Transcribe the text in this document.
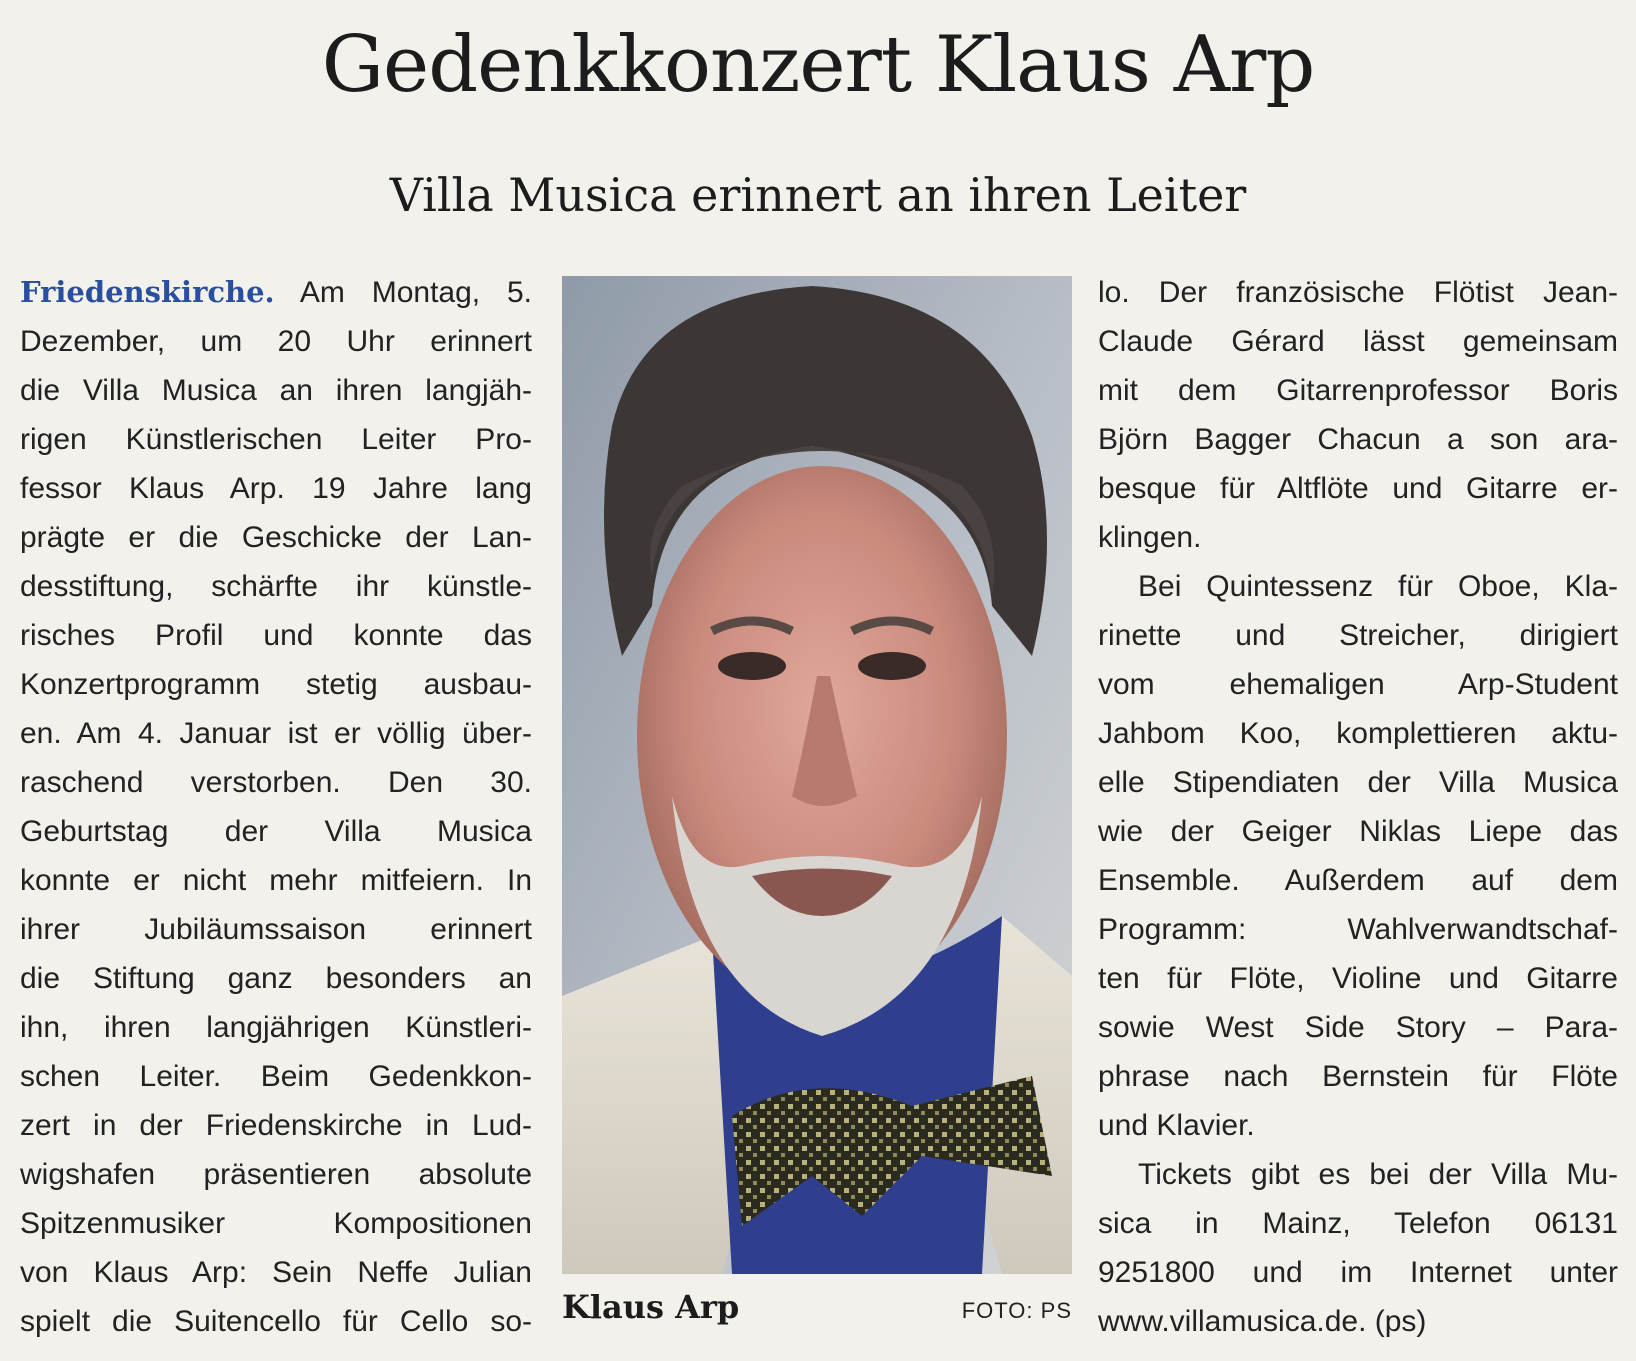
Gedenkkonzert Klaus Arp
Villa Musica erinnert an ihren Leiter
Friedenskirche. Am Montag, 5.
Dezember, um 20 Uhr erinnert
die Villa Musica an ihren langjäh-
rigen Künstlerischen Leiter Pro-
fessor Klaus Arp. 19 Jahre lang
prägte er die Geschicke der Lan-
desstiftung, schärfte ihr künstle-
risches Profil und konnte das
Konzertprogramm stetig ausbau-
en. Am 4. Januar ist er völlig über-
raschend verstorben. Den 30.
Geburtstag der Villa Musica
konnte er nicht mehr mitfeiern. In
ihrer Jubiläumssaison erinnert
die Stiftung ganz besonders an
ihn, ihren langjährigen Künstleri-
schen Leiter. Beim Gedenkkon-
zert in der Friedenskirche in Lud-
wigshafen präsentieren absolute
Spitzenmusiker Kompositionen
von Klaus Arp: Sein Neffe Julian
spielt die Suitencello für Cello so- Klaus Arp	FOTO: PS
lo. Der französische Flötist Jean-
Claude Gérard lässt gemeinsam
mit dem Gitarrenprofessor Boris
Björn Bagger Chacun a son ara-
besque für Altflöte und Gitarre er-
klingen.
Bei Quintessenz für Oboe, Kla-
rinette und Streicher, dirigiert
vom ehemaligen Arp-Student
Jahbom Koo, komplettieren aktu-
elle Stipendiaten der Villa Musica
wie der Geiger Niklas Liepe das
Ensemble. Außerdem auf dem
Programm: Wahlverwandtschaf-
ten für Flöte, Violine und Gitarre
sowie West Side Story – Para-
phrase nach Bernstein für Flöte
und Klavier.
Tickets gibt es bei der Villa Mu-
sica in Mainz, Telefon 06131
9251800 und im Internet unter
www.villamusica.de. (ps)
